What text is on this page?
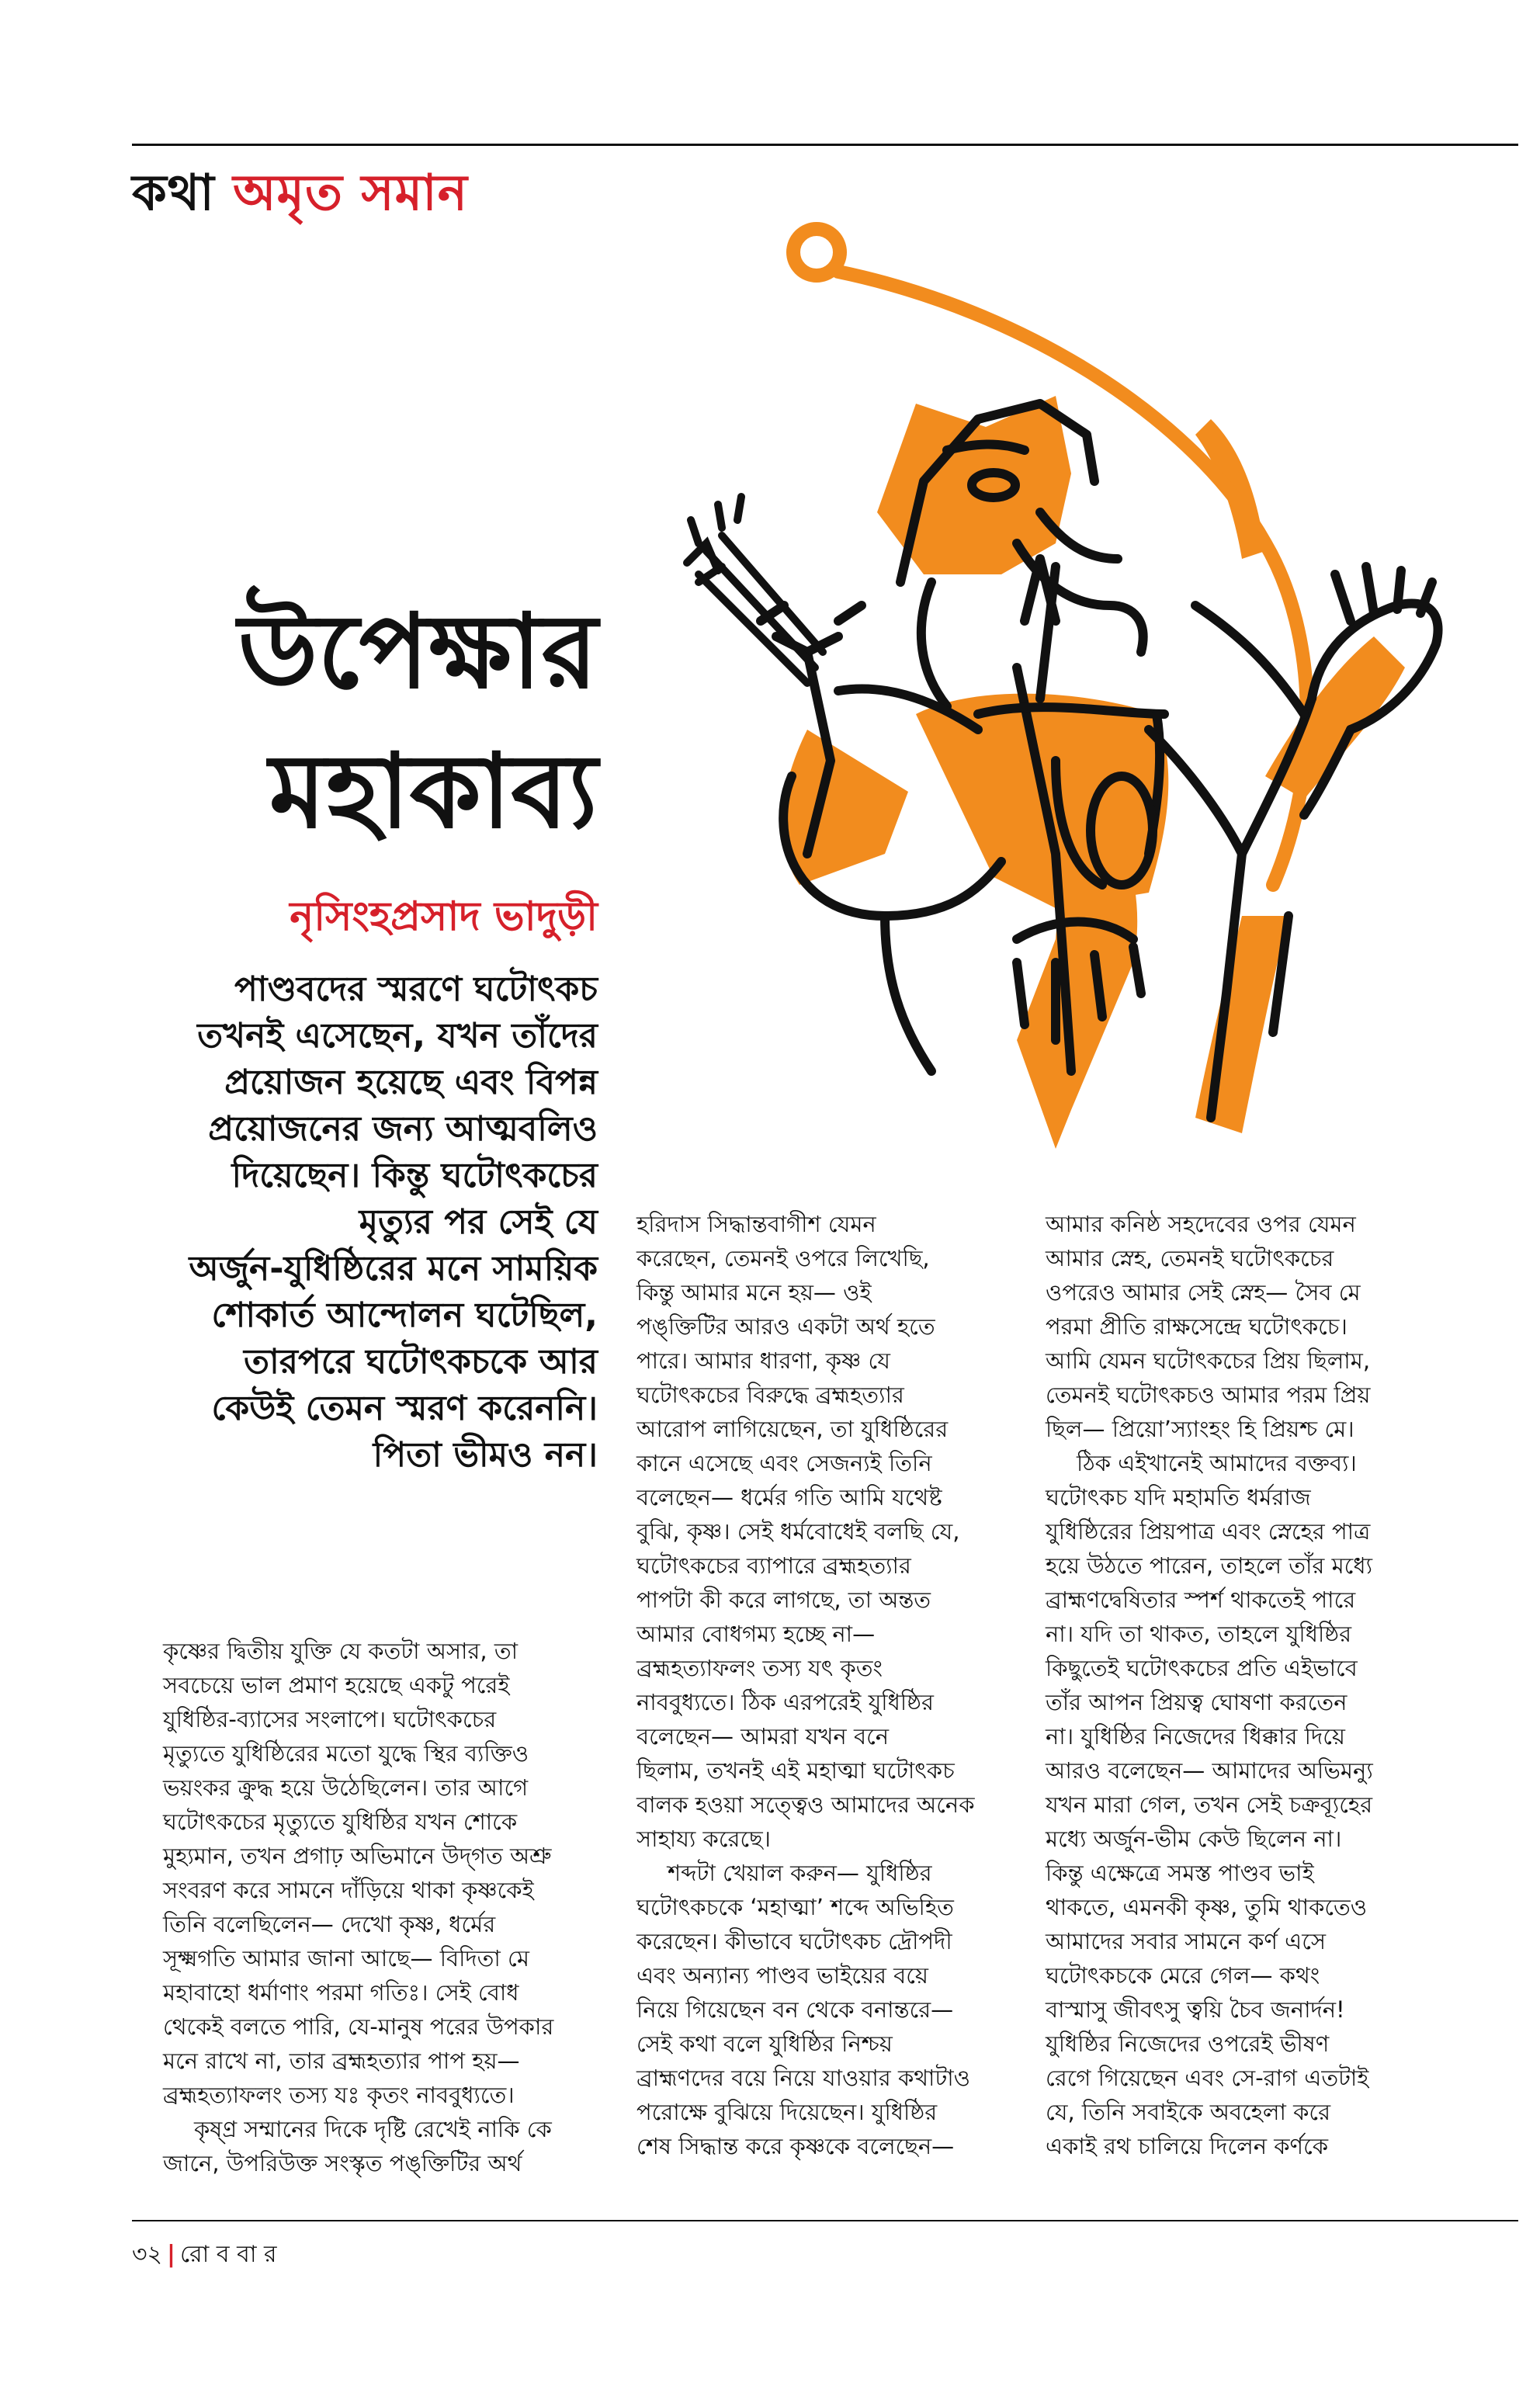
কথা অমৃত সমান
উপেক্ষার
মহাকাব্য
নৃসিংহপ্রসাদ ভাদুড়ী

পাণ্ডবদের স্মরণে ঘটোৎকচ

তখনই এসেছেন, যখন তাঁদের

প্রয়োজন হয়েছে এবং বিপন্ন

প্রয়োজনের জন্য আত্মবলিও

দিয়েছেন। কিন্তু ঘটোৎকচের

মৃত্যুর পর সেই যে

অর্জুন-যুধিষ্ঠিরের মনে সাময়িক

শোকার্ত আন্দোলন ঘটেছিল,

তারপরে ঘটোৎকচকে আর

কেউই তেমন স্মরণ করেননি।

পিতা ভীমও নন।

কৃষ্ণের দ্বিতীয় যুক্তি যে কতটা অসার, তা

সবচেয়ে ভাল প্রমাণ হয়েছে একটু পরেই

যুধিষ্ঠির-ব্যাসের সংলাপে। ঘটোৎকচের

মৃত্যুতে যুধিষ্ঠিরের মতো যুদ্ধে স্থির ব্যক্তিও

ভয়ংকর ক্রুদ্ধ হয়ে উঠেছিলেন। তার আগে

ঘটোৎকচের মৃত্যুতে যুধিষ্ঠির যখন শোকে

মুহ্যমান, তখন প্রগাঢ় অভিমানে উদ্‌গত অশ্রু

সংবরণ করে সামনে দাঁড়িয়ে থাকা কৃষ্ণকেই

তিনি বলেছিলেন— দেখো কৃষ্ণ, ধর্মের

সূক্ষ্মগতি আমার জানা আছে— বিদিতা মে

মহাবাহো ধর্মাণাং পরমা গতিঃ। সেই বোধ

থেকেই বলতে পারি, যে-মানুষ পরের উপকার

মনে রাখে না, তার ব্রহ্মহত্যার পাপ হয়—

ব্রহ্মহত্যাফলং তস্য যঃ কৃতং নাববুধ্যতে।

কৃষ্ণ্র সম্মানের দিকে দৃষ্টি রেখেই নাকি কে

জানে, উপরিউক্ত সংস্কৃত পঙ্‌ক্তিটির অর্থ

হরিদাস সিদ্ধান্তবাগীশ যেমন

করেছেন, তেমনই ওপরে লিখেছি,

কিন্তু আমার মনে হয়— ওই

পঙ্‌ক্তিটির আরও একটা অর্থ হতে

পারে। আমার ধারণা, কৃষ্ণ যে

ঘটোৎকচের বিরুদ্ধে ব্রহ্মহত্যার

আরোপ লাগিয়েছেন, তা যুধিষ্ঠিরের

কানে এসেছে এবং সেজন্যই তিনি

বলেছেন— ধর্মের গতি আমি যথেষ্ট

বুঝি, কৃষ্ণ। সেই ধর্মবোধেই বলছি যে,

ঘটোৎকচের ব্যাপারে ব্রহ্মহত্যার

পাপটা কী করে লাগছে, তা অন্তত

আমার বোধগম্য হচ্ছে না—

ব্রহ্মহত্যাফলং তস্য যৎ কৃতং

নাববুধ্যতে। ঠিক এরপরেই যুধিষ্ঠির

বলেছেন— আমরা যখন বনে

ছিলাম, তখনই এই মহাত্মা ঘটোৎকচ

বালক হওয়া সত্ত্বেও আমাদের অনেক

সাহায্য করেছে।

শব্দটা খেয়াল করুন— যুধিষ্ঠির

ঘটোৎকচকে ‘মহাত্মা’ শব্দে অভিহিত

করেছেন। কীভাবে ঘটোৎকচ দ্রৌপদী

এবং অন্যান্য পাণ্ডব ভাইয়ের বয়ে

নিয়ে গিয়েছেন বন থেকে বনান্তরে—

সেই কথা বলে যুধিষ্ঠির নিশ্চয়

ব্রাহ্মণদের বয়ে নিয়ে যাওয়ার কথাটাও

পরোক্ষে বুঝিয়ে দিয়েছেন। যুধিষ্ঠির

শেষ সিদ্ধান্ত করে কৃষ্ণকে বলেছেন—

আমার কনিষ্ঠ সহদেবের ওপর যেমন

আমার স্নেহ, তেমনই ঘটোৎকচের

ওপরেও আমার সেই স্নেহ— সৈব মে

পরমা প্রীতি রাক্ষসেন্দ্রে ঘটোৎকচে।

আমি যেমন ঘটোৎকচের প্রিয় ছিলাম,

তেমনই ঘটোৎকচও আমার পরম প্রিয়

ছিল— প্রিয়ো’স্যাংহং হি প্রিয়শ্চ মে।

ঠিক এইখানেই আমাদের বক্তব্য।

ঘটোৎকচ যদি মহামতি ধর্মরাজ

যুধিষ্ঠিরের প্রিয়পাত্র এবং স্নেহের পাত্র

হয়ে উঠতে পারেন, তাহলে তাঁর মধ্যে

ব্রাহ্মণদ্বেষিতার স্পর্শ থাকতেই পারে

না। যদি তা থাকত, তাহলে যুধিষ্ঠির

কিছুতেই ঘটোৎকচের প্রতি এইভাবে

তাঁর আপন প্রিয়ত্ব ঘোষণা করতেন

না। যুধিষ্ঠির নিজেদের ধিক্কার দিয়ে

আরও বলেছেন— আমাদের অভিমন্যু

যখন মারা গেল, তখন সেই চক্রব্যূহের

মধ্যে অর্জুন-ভীম কেউ ছিলেন না।

কিন্তু এক্ষেত্রে সমস্ত পাণ্ডব ভাই

থাকতে, এমনকী কৃষ্ণ, তুমি থাকতেও

আমাদের সবার সামনে কর্ণ এসে

ঘটোৎকচকে মেরে গেল— কথং

বাস্মাসু জীবৎসু ত্বয়ি চৈব জনার্দন!

যুধিষ্ঠির নিজেদের ওপরেই ভীষণ

রেগে গিয়েছেন এবং সে-রাগ এতটাই

যে, তিনি সবাইকে অবহেলা করে

একাই রথ চালিয়ে দিলেন কর্ণকে

৩২ | রো ব বা র
